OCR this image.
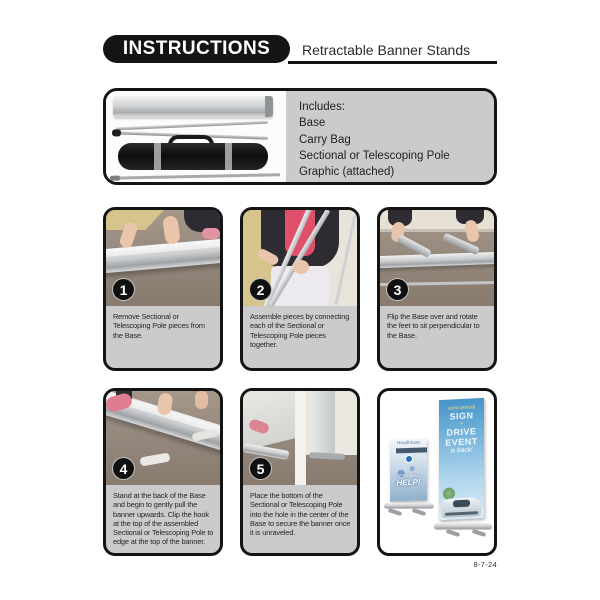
INSTRUCTIONS Retractable Banner Stands
Includes:
Base
Carry Bag
Sectional or Telescoping Pole
Graphic (attached)
1
Remove Sectional or Telescoping Pole pieces from the Base.
2
Assemble pieces by connecting each of the Sectional or Telescoping Pole pieces together.
3
Flip the Base over and rotate the feet to sit perpendicular to the Base.
4
Stand at the back of the Base and begin to gently pull the banner upwards. Clip the hook at the top of the assembled Sectional or Telescoping Pole to edge at the top of the banner.
5
Place the bottom of the Sectional or Telescoping Pole into the hole in the center of the Base to secure the banner once it is unraveled.
Healthcare
WE'RE HERE
HELP!
semi-annual
SIGN
+
DRIVE
EVENT
is back!
8-7-24
